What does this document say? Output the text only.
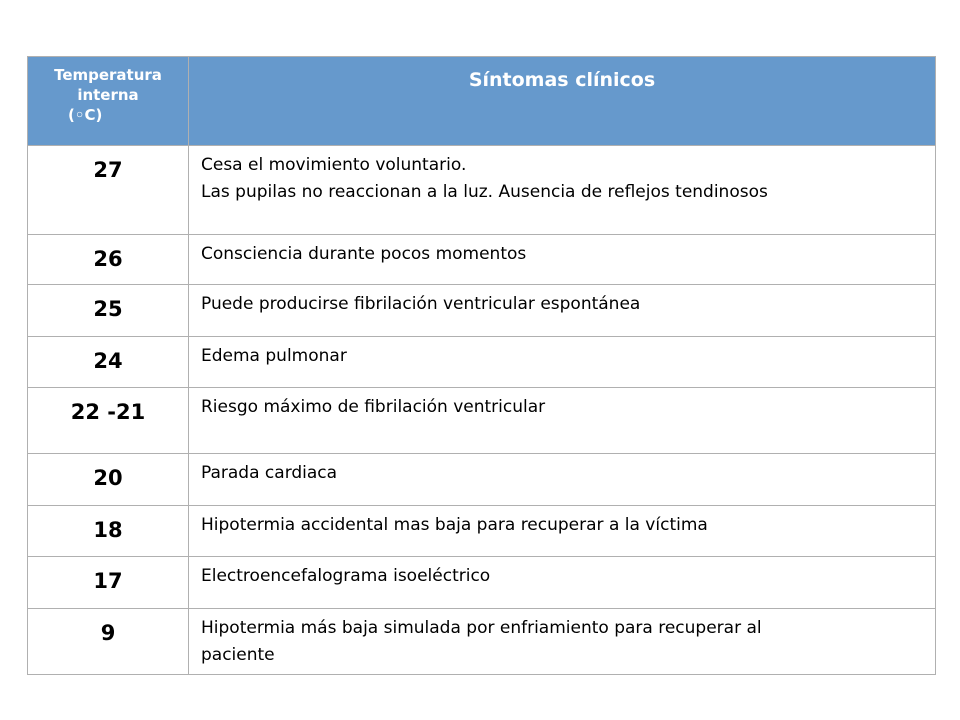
Temperatura
interna
(◦C)	Síntomas clínicos
27	Cesa el movimiento voluntario.
Las pupilas no reaccionan a la luz. Ausencia de reflejos tendinosos

26	Consciencia durante pocos momentos

25	Puede producirse fibrilación ventricular espontánea

24	Edema pulmonar

22 -21	Riesgo máximo de fibrilación ventricular

20	Parada cardiaca

18	Hipotermia accidental mas baja para recuperar a la víctima

17	Electroencefalograma isoeléctrico

9	Hipotermia más baja simulada por enfriamiento para recuperar al
paciente
